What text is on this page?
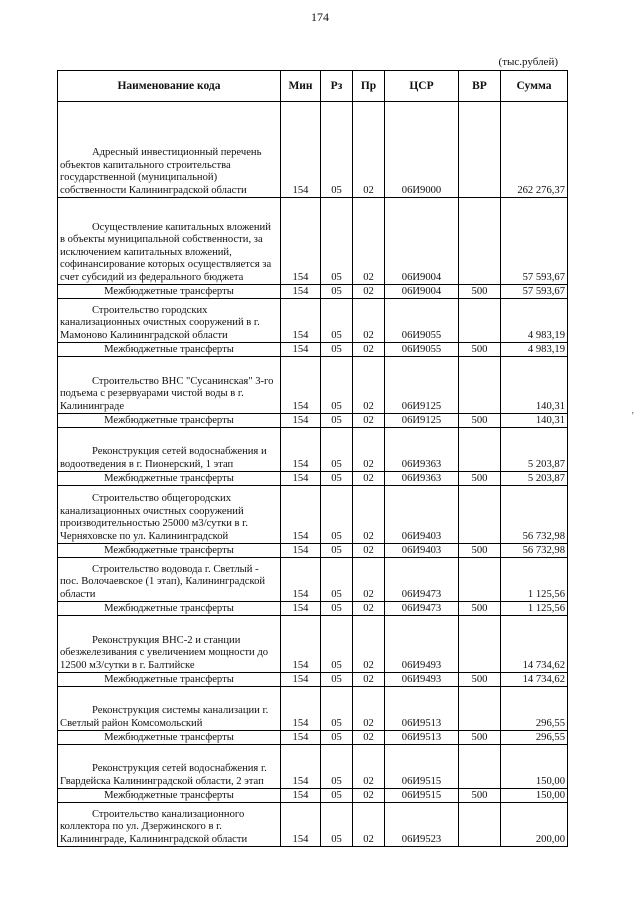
174
(тыс.рублей)
Наименование кода	Мин	Рз	Пр	ЦСР	ВР	Сумма
Адресный инвестиционный перечень объектов капитального строительства государственной (муниципальной) собственности Калининградской области	154	05	02	06И9000		262 276,37
Осуществление капитальных вложений в объекты муниципальной собственности, за исключением капитальных вложений, софинансирование которых осуществляется за счет субсидий из федерального бюджета	154	05	02	06И9004		57 593,67
Межбюджетные трансферты	154	05	02	06И9004	500	57 593,67
Строительство городских канализационных очистных сооружений в г. Мамоново Калининградской области	154	05	02	06И9055		4 983,19
Межбюджетные трансферты	154	05	02	06И9055	500	4 983,19
Строительство ВНС "Сусанинская" 3-го подъема с резервуарами чистой воды в г. Калининграде	154	05	02	06И9125		140,31
Межбюджетные трансферты	154	05	02	06И9125	500	140,31
Реконструкция сетей водоснабжения и водоотведения в г. Пионерский, 1 этап	154	05	02	06И9363		5 203,87
Межбюджетные трансферты	154	05	02	06И9363	500	5 203,87
Строительство общегородских канализационных очистных сооружений производительностью 25000 м3/сутки в г. Черняховске по ул. Калининградской	154	05	02	06И9403		56 732,98
Межбюджетные трансферты	154	05	02	06И9403	500	56 732,98
Строительство водовода г. Светлый - пос. Волочаевское (1 этап), Калининградской области	154	05	02	06И9473		1 125,56
Межбюджетные трансферты	154	05	02	06И9473	500	1 125,56
Реконструкция ВНС-2 и станции обезжелезивания с увеличением мощности до 12500 м3/сутки в г. Балтийске	154	05	02	06И9493		14 734,62
Межбюджетные трансферты	154	05	02	06И9493	500	14 734,62
Реконструкция системы канализации г. Светлый район Комсомольский	154	05	02	06И9513		296,55
Межбюджетные трансферты	154	05	02	06И9513	500	296,55
Реконструкция сетей водоснабжения г. Гвардейска Калининградской области, 2 этап	154	05	02	06И9515		150,00
Межбюджетные трансферты	154	05	02	06И9515	500	150,00
Строительство канализационного коллектора по ул. Дзержинского в г. Калининграде, Калининградской области	154	05	02	06И9523		200,00
,
